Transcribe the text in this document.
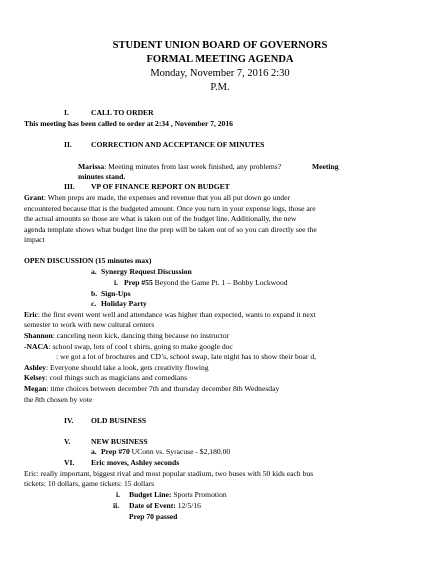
STUDENT UNION BOARD OF GOVERNORS
FORMAL MEETING AGENDA
Monday, November 7, 2016 2:30
P.M.
I.	CALL TO ORDER
This meeting has been called to order at 2:34 , November 7, 2016
II.	CORRECTION AND ACCEPTANCE OF MINUTES
Marissa: Meeting minutes from last week finished, any problems?	Meeting
minutes stand.
III. VP OF FINANCE REPORT ON BUDGET
Grant: When preps are made, the expenses and revenue that you all put down go under
encountered because that is the budgeted amount. Once you turn in your expense logs, those are
the actual amounts so those are what is taken out of the budget line. Additionally, the new
agenda template shows what budget line the prep will be taken out of so you can directly see the
impact
OPEN DISCUSSION (15 minutes max)
a. Synergy Request Discussion
i. Prep #55 Beyond the Game Pt. 1 – Bobby Lockwood
b. Sign-Ups
c. Holiday Party
Eric: the first event went well and attendance was higher than expected, wants to expand it next
semester to work with new cultural centers
Shannon: canceling neon kick, dancing thing because no instructor
-NACA: school swap, lots of cool t shirts, going to make google doc
: we got a lot of brochures and CD’s, school swap, late night has to show their boar d,
Ashley: Everyone should take a look, gets creativity flowing
Kelsey: cool things such as magicians and comedians
Megan: time choices between december 7th and thursday december 8th Wednesday
the 8th chosen by vote
IV. OLD BUSINESS
V.	NEW BUSINESS
a. Prep #70 UConn vs. Syracuse - $2,180.00
VI. Eric moves, Ashley seconds
Eric: really important, biggest rival and most popular stadium, two buses with 50 kids each bus
tickets: 10 dollars, game tickets: 15 dollars
i. Budget Line: Sports Promotion
ii. Date of Event: 12/5/16
Prep 70 passed
